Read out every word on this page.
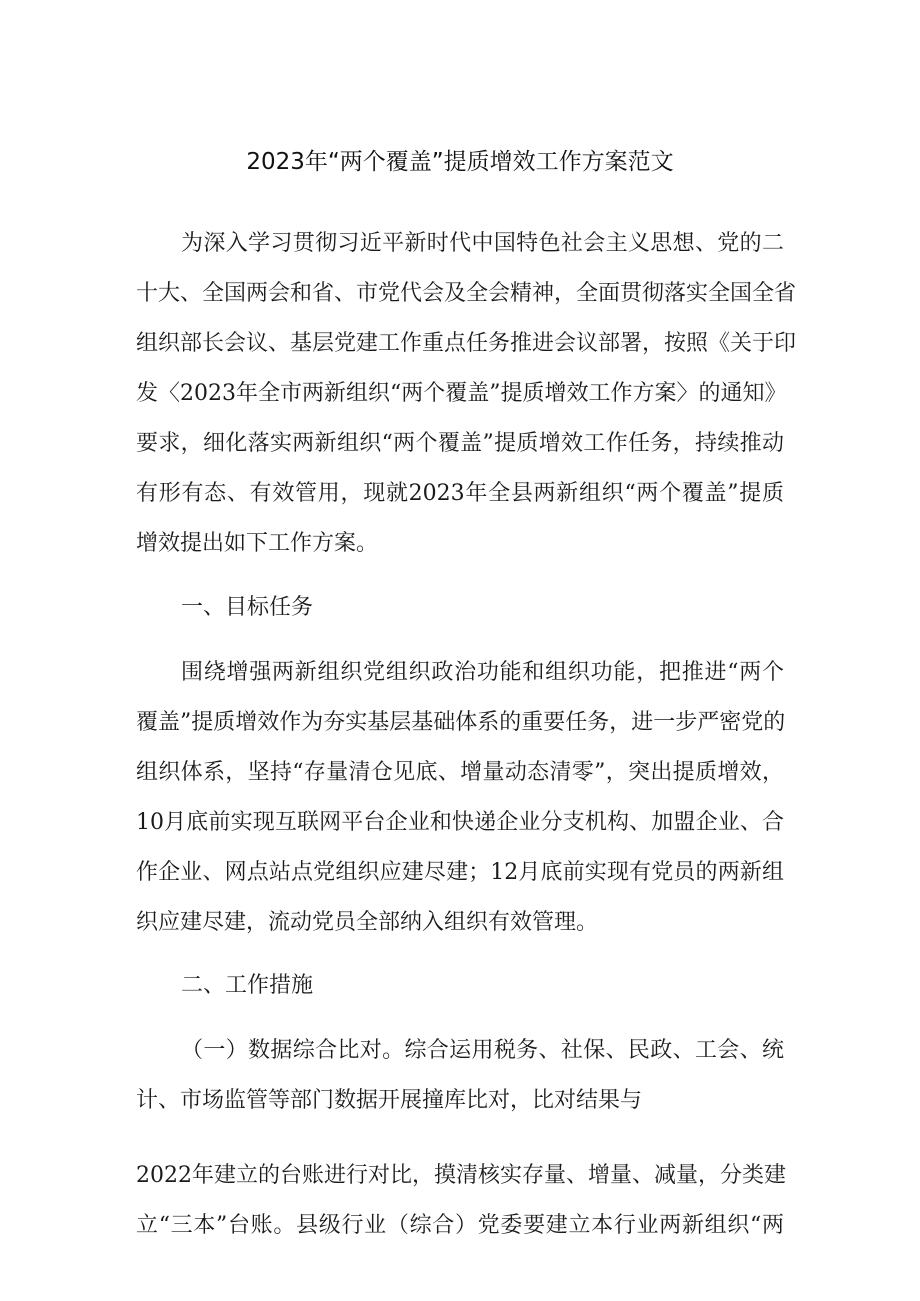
2023年“两个覆盖”提质增效工作方案范文
为深入学习贯彻习近平新时代中国特色社会主义思想、党的二
十大、全国两会和省、市党代会及全会精神，全面贯彻落实全国全省
组织部长会议、基层党建工作重点任务推进会议部署，按照《关于印
发〈2023年全市两新组织“两个覆盖”提质增效工作方案〉的通知》
要求，细化落实两新组织“两个覆盖”提质增效工作任务，持续推动
有形有态、有效管用，现就2023年全县两新组织“两个覆盖”提质
增效提出如下工作方案。
一、目标任务
围绕增强两新组织党组织政治功能和组织功能，把推进“两个
覆盖”提质增效作为夯实基层基础体系的重要任务，进一步严密党的
组织体系，坚持“存量清仓见底、增量动态清零”，突出提质增效，
10月底前实现互联网平台企业和快递企业分支机构、加盟企业、合
作企业、网点站点党组织应建尽建；12月底前实现有党员的两新组
织应建尽建，流动党员全部纳入组织有效管理。
二、工作措施
（一）数据综合比对。综合运用税务、社保、民政、工会、统
计、市场监管等部门数据开展撞库比对，比对结果与
2022年建立的台账进行对比，摸清核实存量、增量、减量，分类建
立“三本”台账。县级行业（综合）党委要建立本行业两新组织“两
